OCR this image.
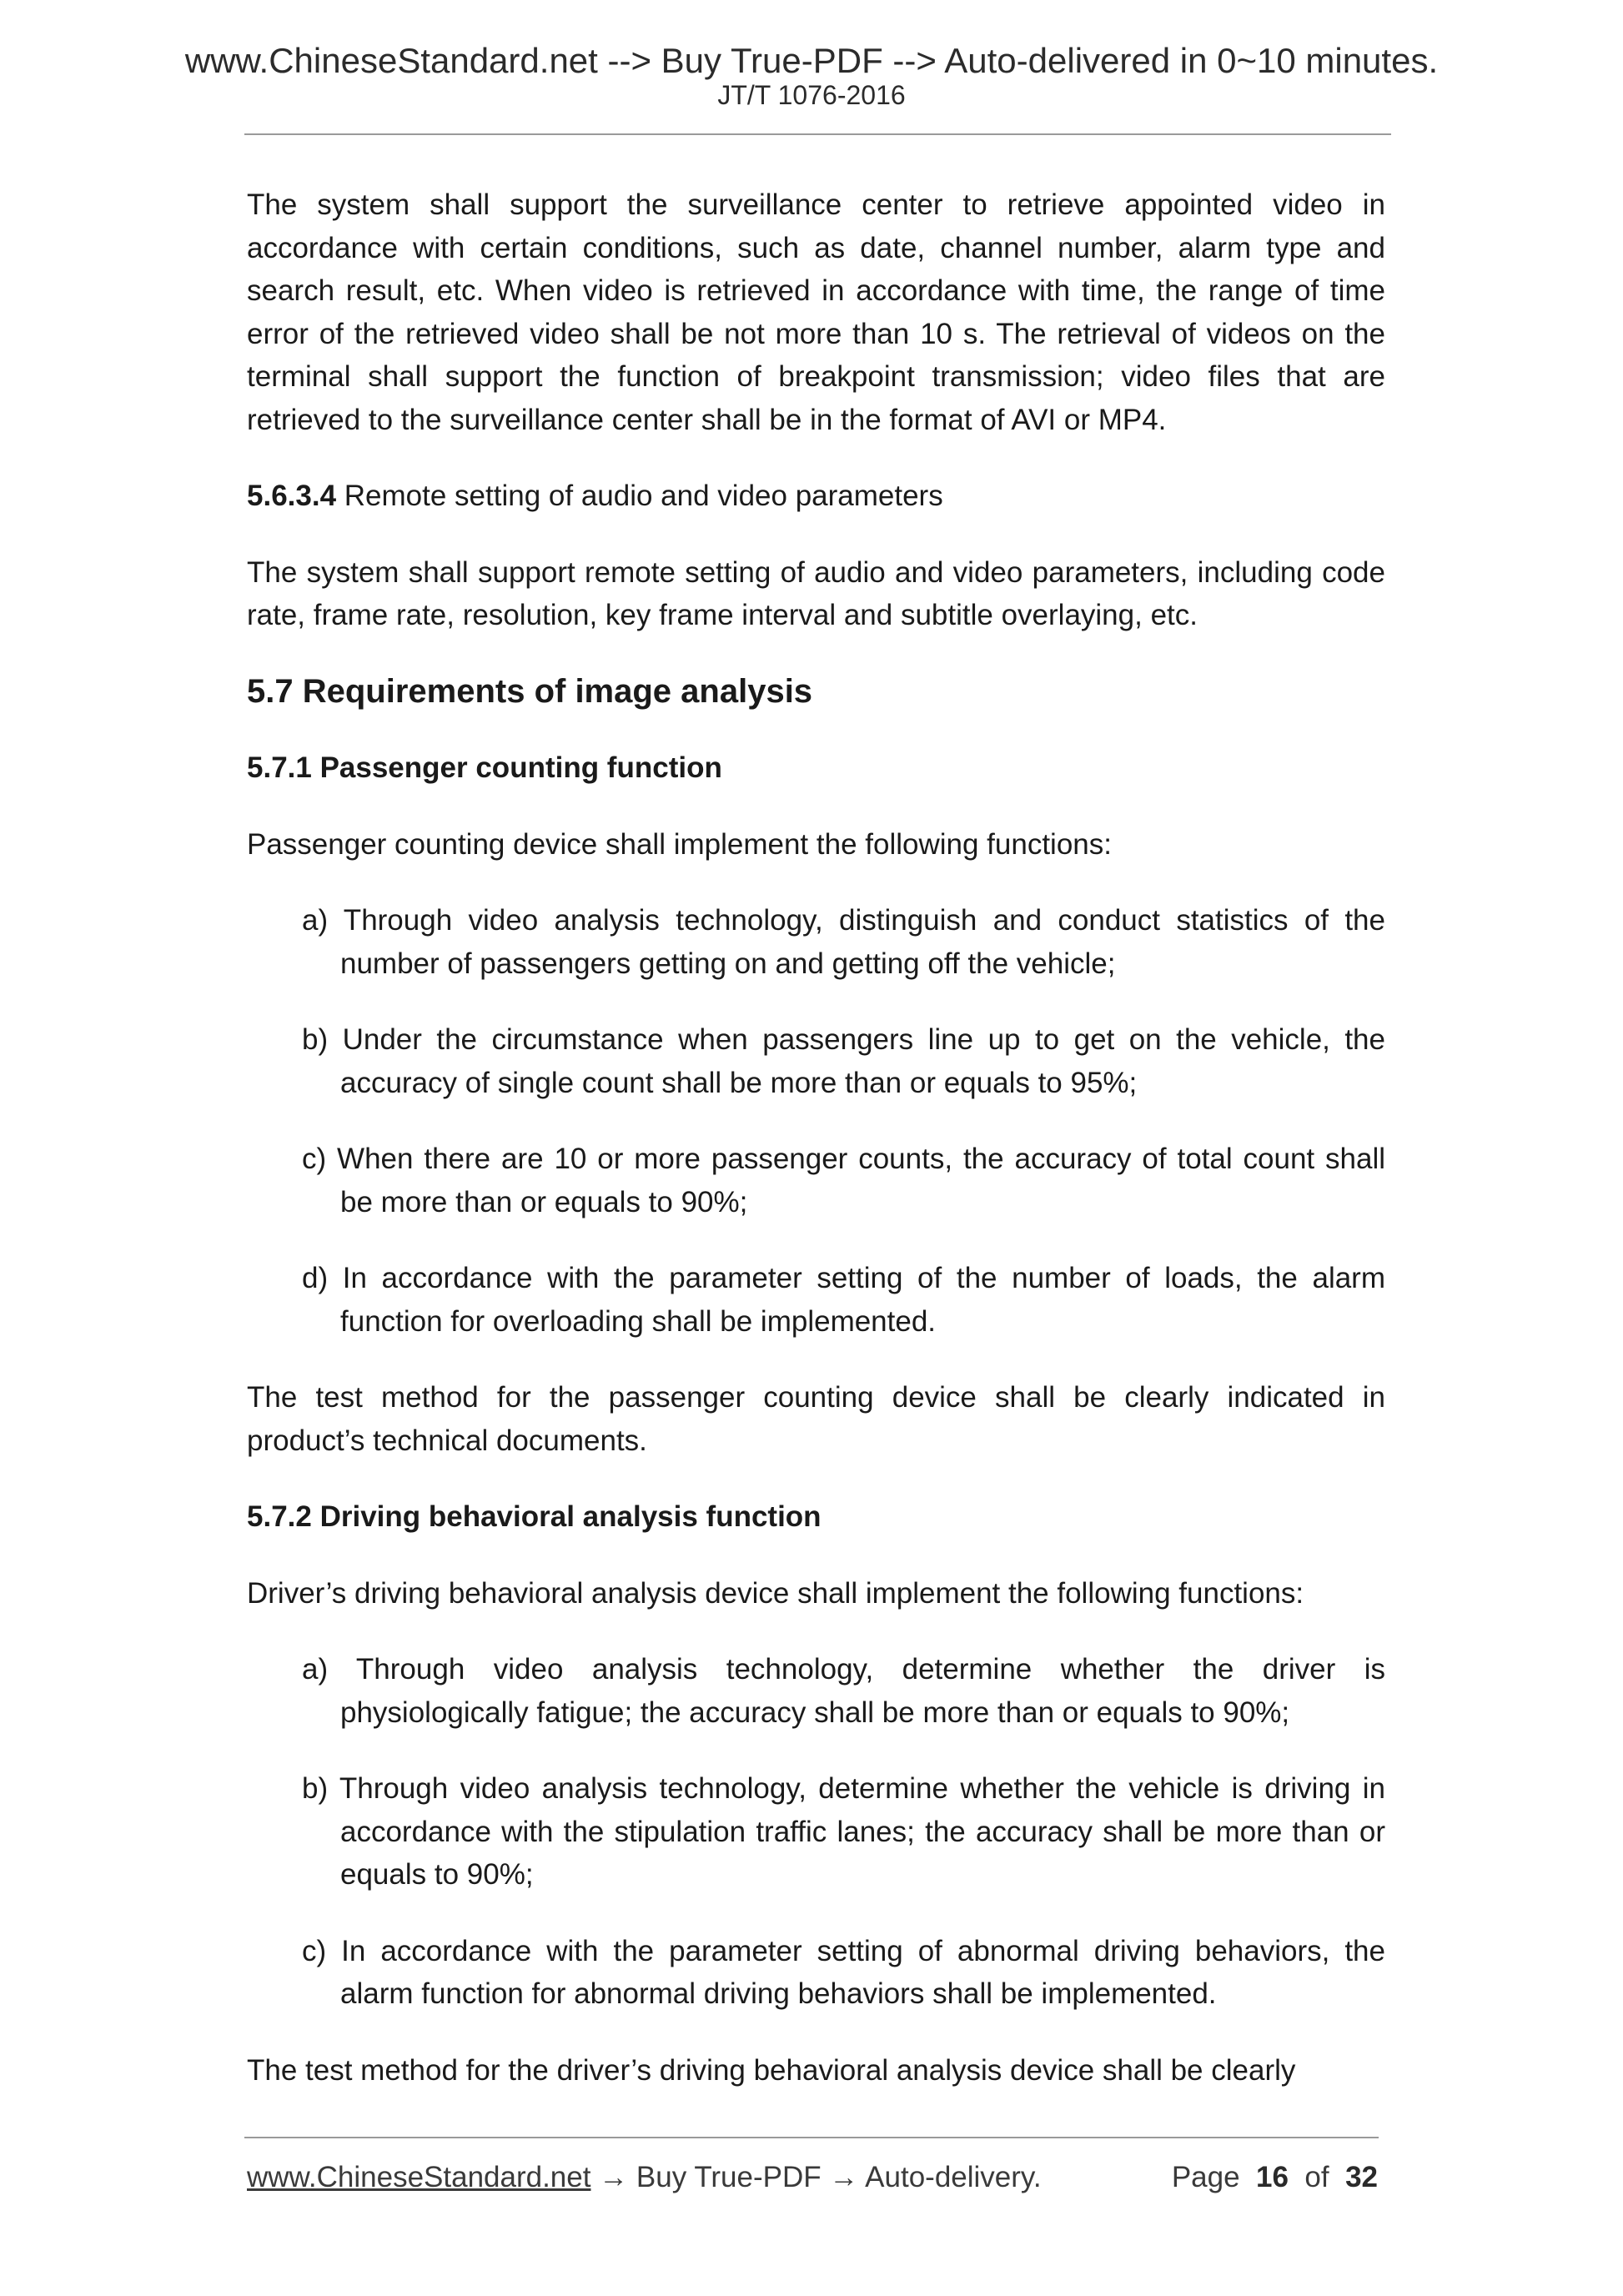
www.ChineseStandard.net --> Buy True-PDF --> Auto-delivered in 0~10 minutes.
JT/T 1076-2016

The system shall support the surveillance center to retrieve appointed video in accordance with certain conditions, such as date, channel number, alarm type and search result, etc. When video is retrieved in accordance with time, the range of time error of the retrieved video shall be not more than 10 s. The retrieval of videos on the terminal shall support the function of breakpoint transmission; video files that are retrieved to the surveillance center shall be in the format of AVI or MP4.

5.6.3.4 Remote setting of audio and video parameters

The system shall support remote setting of audio and video parameters, including code rate, frame rate, resolution, key frame interval and subtitle overlaying, etc.

5.7 Requirements of image analysis
5.7.1 Passenger counting function

Passenger counting device shall implement the following functions:

a) Through video analysis technology, distinguish and conduct statistics of the number of passengers getting on and getting off the vehicle;
b) Under the circumstance when passengers line up to get on the vehicle, the accuracy of single count shall be more than or equals to 95%;
c) When there are 10 or more passenger counts, the accuracy of total count shall be more than or equals to 90%;
d) In accordance with the parameter setting of the number of loads, the alarm function for overloading shall be implemented.

The test method for the passenger counting device shall be clearly indicated in product’s technical documents.

5.7.2 Driving behavioral analysis function

Driver’s driving behavioral analysis device shall implement the following functions:

a) Through video analysis technology, determine whether the driver is physiologically fatigue; the accuracy shall be more than or equals to 90%;
b) Through video analysis technology, determine whether the vehicle is driving in accordance with the stipulation traffic lanes; the accuracy shall be more than or equals to 90%;
c) In accordance with the parameter setting of abnormal driving behaviors, the alarm function for abnormal driving behaviors shall be implemented.

The test method for the driver’s driving behavioral analysis device shall be clearly

www.ChineseStandard.net → Buy True-PDF → Auto-delivery.	Page 16 of 32
